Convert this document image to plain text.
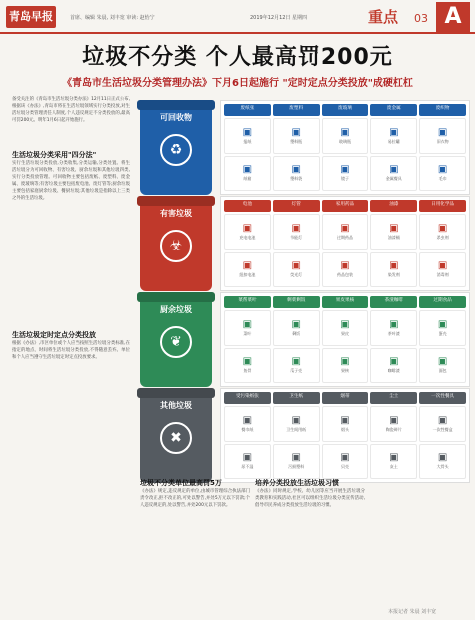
青岛早报	首席、编辑 朱晨, 刘丰宽 审读: 赵怡宁	2019年12月12日 星期四	重点 03 A
垃圾不分类 个人最高罚200元
《青岛市生活垃圾分类管理办法》下月6日起施行 "定时定点分类投放"成硬杠杠
备受关注的《青岛市生活垃圾分类办法》12月11日正式公布,根据该《办法》,青岛市将在生活垃圾领域实行分类投放,对生活垃圾分类管理责任人制度,个人违反规定不分类投放的,最高可罚200元。明年1月6日起开始施行。
生活垃圾分类采用"四分法"
实行生活垃圾分类投放,分类收集,分类运输,分类处置。将生活垃圾分为可回收物、有害垃圾、厨余垃圾和其他垃圾四类,实行分类投放管理。可回收物主要包括废纸、废塑料、废金属、废玻璃等;有害垃圾主要包括废电池、废灯管等;厨余垃圾主要包括家庭厨余垃圾、餐厨垃圾;其他垃圾是指除以上三类之外的生活垃圾。
生活垃圾定时定点分类投放
根据《办法》,市区单位或个人应当按照生活垃圾分类标准,在指定的地点、时间将生活垃圾分类投放,不得随意丢弃。单位和个人应当遵守生活垃圾定时定点投放要求。
可回收物
♻
废纸张	废塑料	废玻璃	废金属	废织物
▣
报纸
▣
塑料瓶
▣
玻璃瓶
▣
易拉罐
▣
旧衣物
▣
纸箱
▣
塑料袋
▣
镜子
▣
金属餐具
▣
毛巾
有害垃圾
☣
电池	灯管	家用药品	油漆	日用化学品
▣
充电电池
▣
节能灯
▣
过期药品
▣
油漆桶
▣
杀虫剂
▣
纽扣电池
▣
荧光灯
▣
药品包装
▣
染发剂
▣
消毒剂
厨余垃圾
❦
菜帮菜叶	剩菜剩饭	果皮果核	茶渣咖啡	过期食品
▣
菜叶
▣
剩饭
▣
果皮
▣
茶叶渣
▣
蛋壳
▣
鱼骨
▣
瓜子壳
▣
果核
▣
咖啡渣
▣
面包
其他垃圾
✖
受污染纸张	卫生纸	烟蒂	尘土	一次性餐具
▣
餐巾纸
▣
卫生间用纸
▣
烟头
▣
陶瓷碎片
▣
一次性餐盒
▣
尿不湿
▣
污损塑料
▣
贝壳
▣
灰土
▣
大骨头
垃圾不分类单位最高罚5万
《办法》规定,违反规定的单位,由城市管理综合执法部门责令改正,拒不改正的,可处以警告,并处5万元以下罚款;个人违反规定的,处以警告,并处200元以下罚款。
培养分类投放生活垃圾习惯
《办法》同时规定,学校、幼儿园等应当开展生活垃圾分类教育和实践活动,社区可以组织生活垃圾分类宣传活动,倡导市民养成分类投放生活垃圾的习惯。
本报记者 朱晨 刘丰宽
